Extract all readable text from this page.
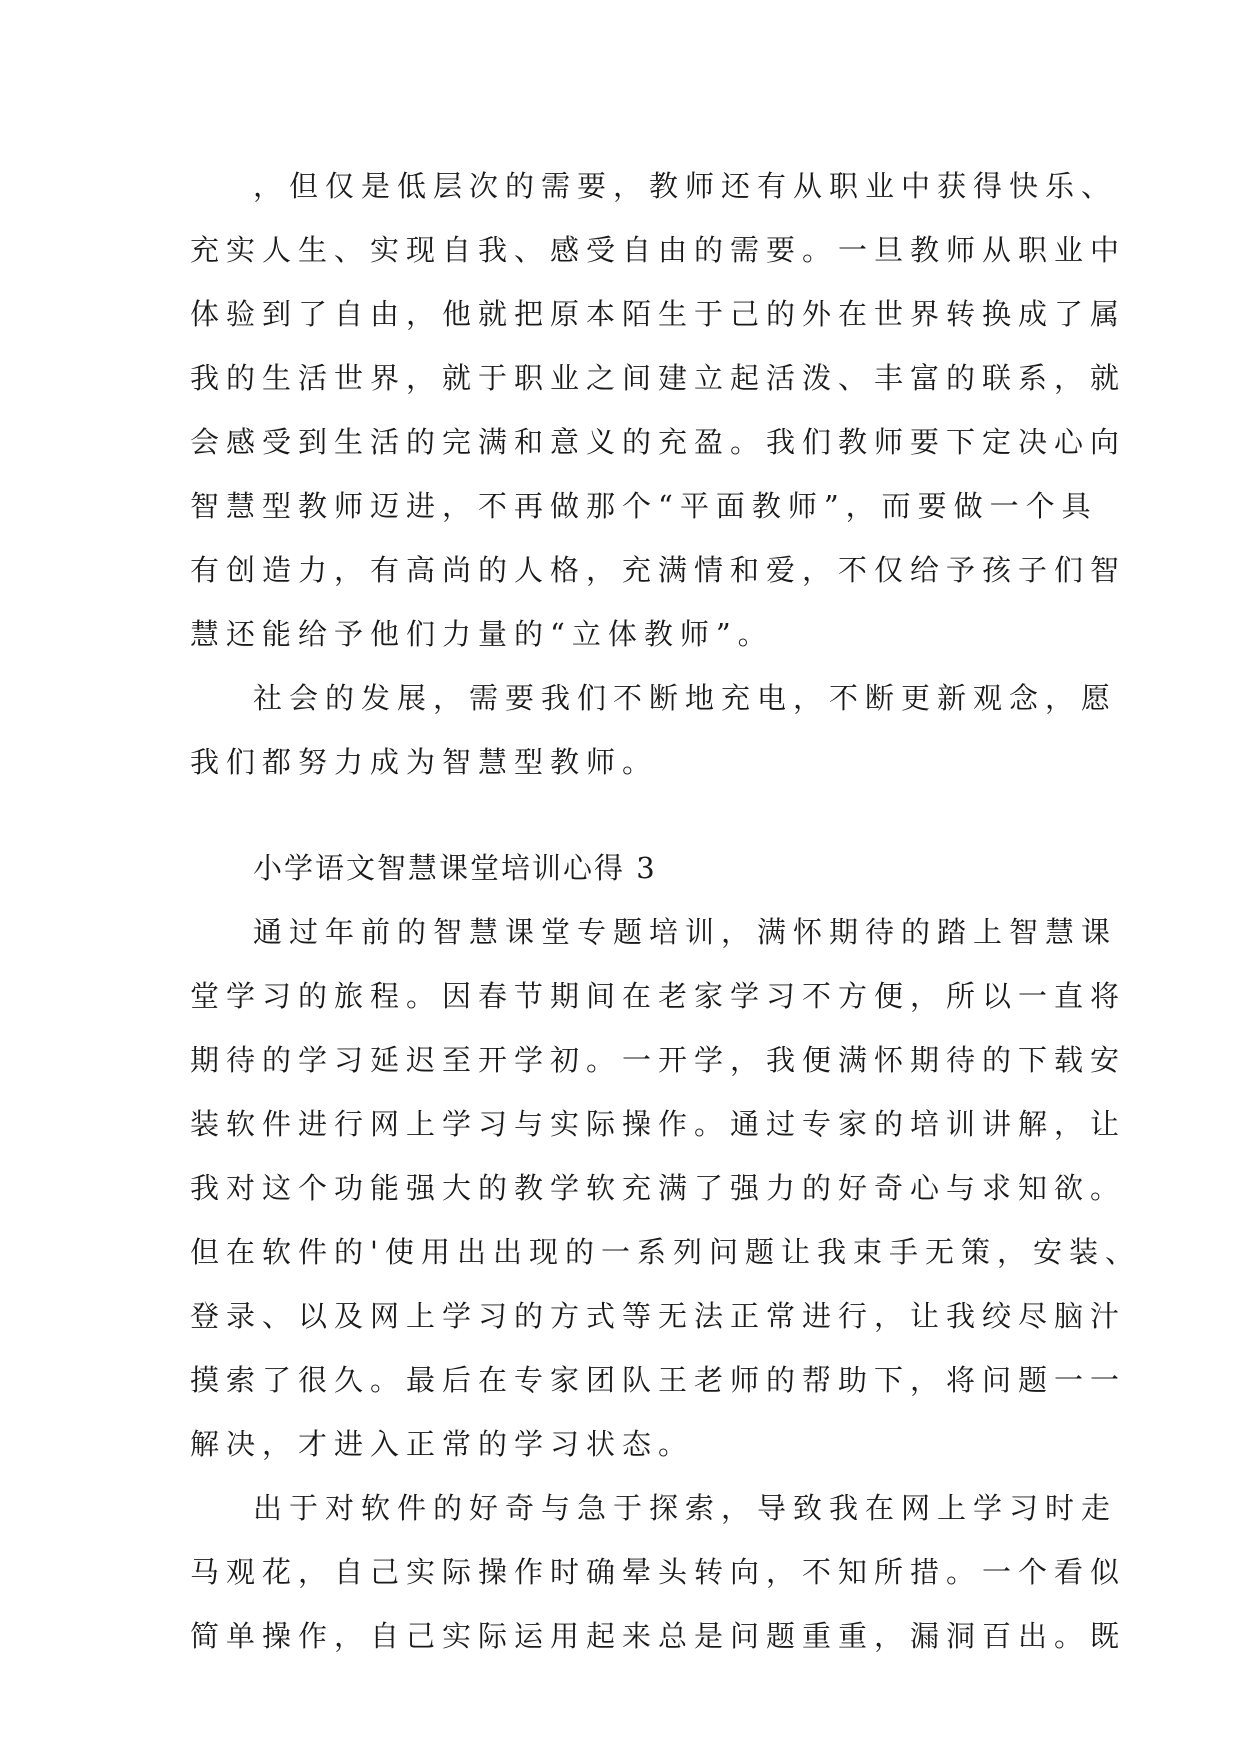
，但仅是低层次的需要，教师还有从职业中获得快乐、
充实人生、实现自我、感受自由的需要。一旦教师从职业中
体验到了自由，他就把原本陌生于己的外在世界转换成了属
我的生活世界，就于职业之间建立起活泼、丰富的联系，就
会感受到生活的完满和意义的充盈。我们教师要下定决心向
智慧型教师迈进，不再做那个“平面教师”，而要做一个具
有创造力，有高尚的人格，充满情和爱，不仅给予孩子们智
慧还能给予他们力量的“立体教师”。
社会的发展，需要我们不断地充电，不断更新观念，愿
我们都努力成为智慧型教师。
小学语文智慧课堂培训心得 3
通过年前的智慧课堂专题培训，满怀期待的踏上智慧课
堂学习的旅程。因春节期间在老家学习不方便，所以一直将
期待的学习延迟至开学初。一开学，我便满怀期待的下载安
装软件进行网上学习与实际操作。通过专家的培训讲解，让
我对这个功能强大的教学软充满了强力的好奇心与求知欲。
但在软件的'使用出出现的一系列问题让我束手无策，安装、
登录、以及网上学习的方式等无法正常进行，让我绞尽脑汁
摸索了很久。最后在专家团队王老师的帮助下，将问题一一
解决，才进入正常的学习状态。
出于对软件的好奇与急于探索，导致我在网上学习时走
马观花，自己实际操作时确晕头转向，不知所措。一个看似
简单操作，自己实际运用起来总是问题重重，漏洞百出。既
